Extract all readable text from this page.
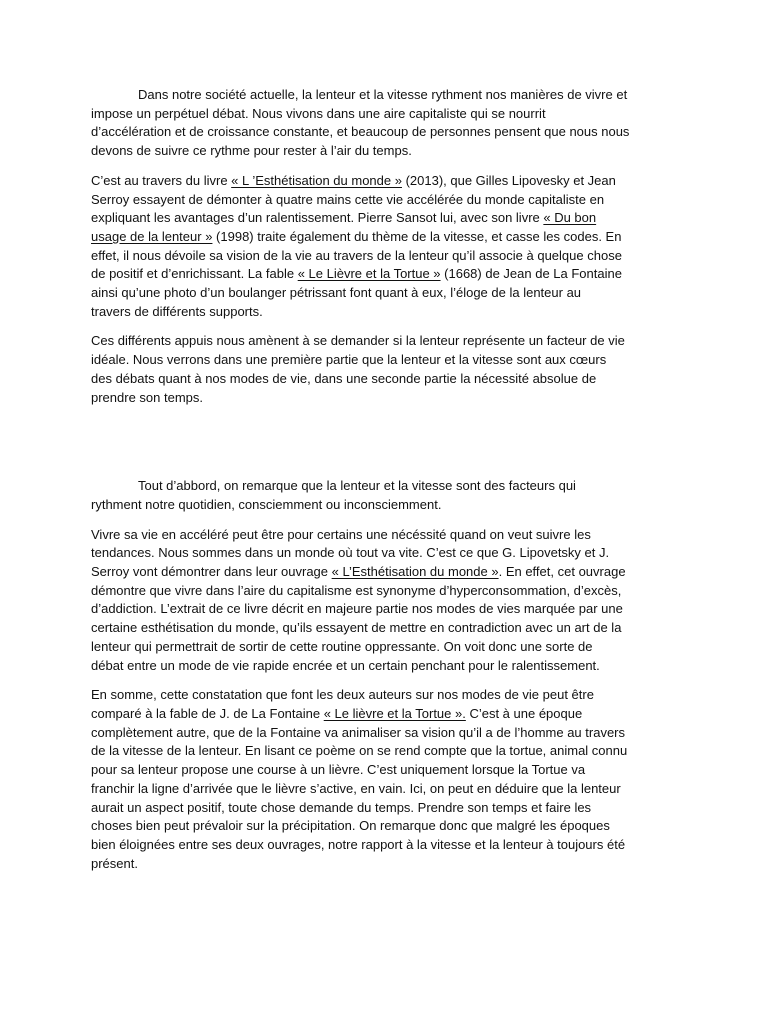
Dans notre société actuelle, la lenteur et la vitesse rythment nos manières de vivre et
impose un perpétuel débat. Nous vivons dans une aire capitaliste qui se nourrit
d’accélération et de croissance constante, et beaucoup de personnes pensent que nous nous
devons de suivre ce rythme pour rester à l’air du temps.
C’est au travers du livre « L ’Esthétisation du monde » (2013), que Gilles Lipovesky et Jean
Serroy essayent de démonter à quatre mains cette vie accélérée du monde capitaliste en
expliquant les avantages d’un ralentissement. Pierre Sansot lui, avec son livre « Du bon
usage de la lenteur » (1998) traite également du thème de la vitesse, et casse les codes. En
effet, il nous dévoile sa vision de la vie au travers de la lenteur qu’il associe à quelque chose
de positif et d’enrichissant. La fable « Le Lièvre et la Tortue » (1668) de Jean de La Fontaine
ainsi qu’une photo d’un boulanger pétrissant font quant à eux, l’éloge de la lenteur au
travers de différents supports.
Ces différents appuis nous amènent à se demander si la lenteur représente un facteur de vie
idéale. Nous verrons dans une première partie que la lenteur et la vitesse sont aux cœurs
des débats quant à nos modes de vie, dans une seconde partie la nécessité absolue de
prendre son temps.
Tout d’abbord, on remarque que la lenteur et la vitesse sont des facteurs qui
rythment notre quotidien, consciemment ou inconsciemment.
Vivre sa vie en accéléré peut être pour certains une nécéssité quand on veut suivre les
tendances. Nous sommes dans un monde où tout va vite. C’est ce que G. Lipovetsky et J.
Serroy vont démontrer dans leur ouvrage « L’Esthétisation du monde ». En effet, cet ouvrage
démontre que vivre dans l’aire du capitalisme est synonyme d’hyperconsommation, d’excès,
d’addiction. L’extrait de ce livre décrit en majeure partie nos modes de vies marquée par une
certaine esthétisation du monde, qu’ils essayent de mettre en contradiction avec un art de la
lenteur qui permettrait de sortir de cette routine oppressante. On voit donc une sorte de
débat entre un mode de vie rapide encrée et un certain penchant pour le ralentissement.
En somme, cette constatation que font les deux auteurs sur nos modes de vie peut être
comparé à la fable de J. de La Fontaine « Le lièvre et la Tortue ». C’est à une époque
complètement autre, que de la Fontaine va animaliser sa vision qu’il a de l’homme au travers
de la vitesse de la lenteur. En lisant ce poème on se rend compte que la tortue, animal connu
pour sa lenteur propose une course à un lièvre. C’est uniquement lorsque la Tortue va
franchir la ligne d’arrivée que le lièvre s’active, en vain. Ici, on peut en déduire que la lenteur
aurait un aspect positif, toute chose demande du temps. Prendre son temps et faire les
choses bien peut prévaloir sur la précipitation. On remarque donc que malgré les époques
bien éloignées entre ses deux ouvrages, notre rapport à la vitesse et la lenteur à toujours été
présent.
